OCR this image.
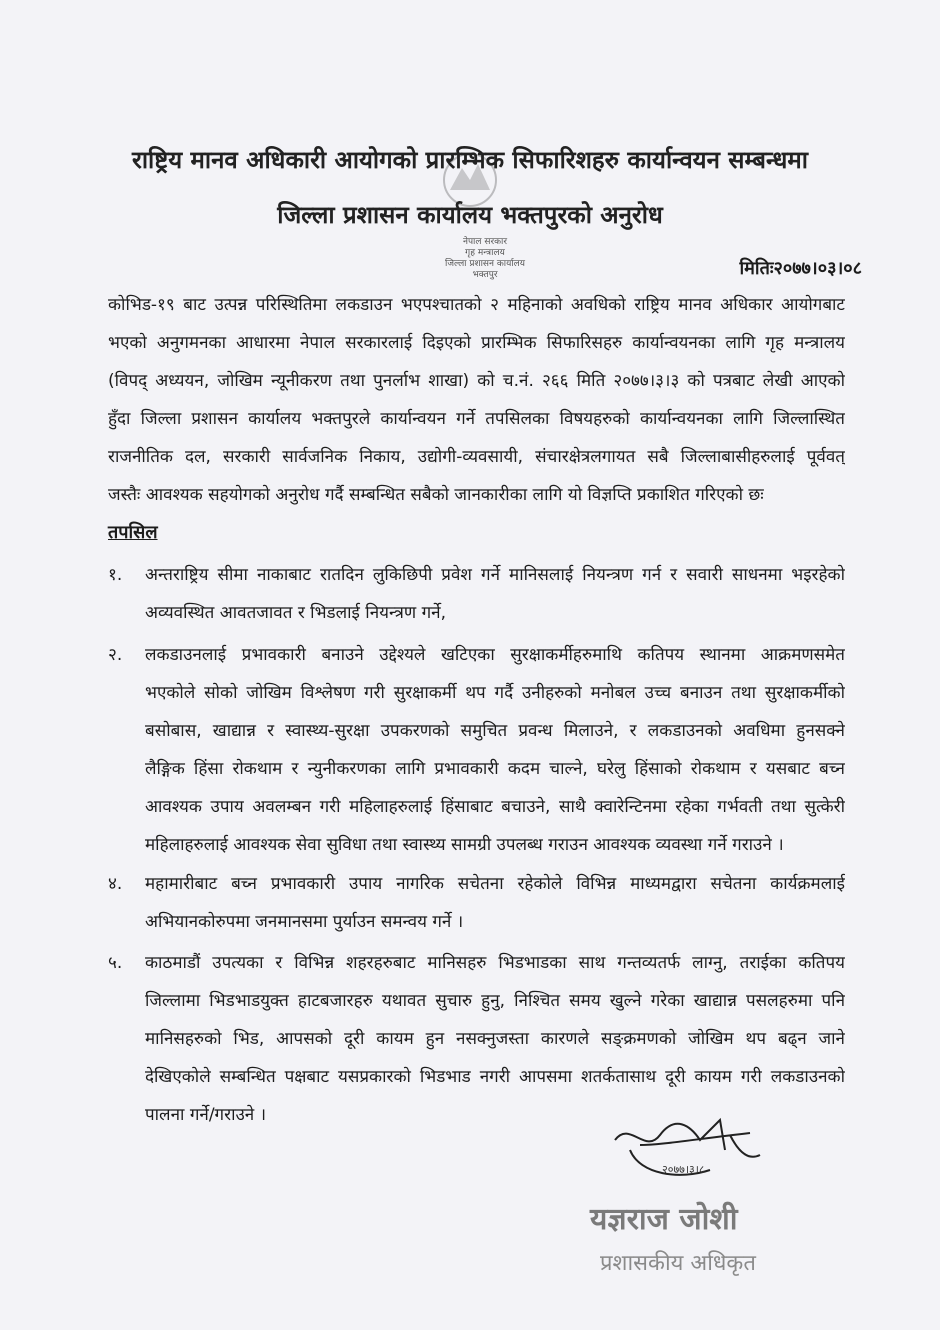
नेपाल सरकार
गृह मन्त्रालय
जिल्ला प्रशासन कार्यालय
भक्तपुर
राष्ट्रिय मानव अधिकारी आयोगको प्रारम्भिक सिफारिशहरु कार्यान्वयन सम्बन्धमा
जिल्ला प्रशासन कार्यालय भक्तपुरको अनुरोध
मितिः२०७७।०३।०८
कोभिड-१९ बाट उत्पन्न परिस्थितिमा लकडाउन भएपश्चातको २ महिनाको अवधिको राष्ट्रिय मानव अधिकार आयोगबाट
भएको अनुगमनका आधारमा नेपाल सरकारलाई दिइएको प्रारम्भिक सिफारिसहरु कार्यान्वयनका लागि गृह मन्त्रालय
(विपद् अध्ययन, जोखिम न्यूनीकरण तथा पुनर्लाभ शाखा) को च.नं. २६६ मिति २०७७।३।३ को पत्रबाट लेखी आएको
हुँदा जिल्ला प्रशासन कार्यालय भक्तपुरले कार्यान्वयन गर्ने तपसिलका विषयहरुको कार्यान्वयनका लागि जिल्लास्थित
राजनीतिक दल, सरकारी सार्वजनिक निकाय, उद्योगी-व्यवसायी, संचारक्षेत्रलगायत सबै जिल्लाबासीहरुलाई पूर्ववत्
जस्तैः आवश्यक सहयोगको अनुरोध गर्दै सम्बन्धित सबैको जानकारीका लागि यो विज्ञप्ति प्रकाशित गरिएको छः
तपसिल
१. अन्तराष्ट्रिय सीमा नाकाबाट रातदिन लुकिछिपी प्रवेश गर्ने मानिसलाई नियन्त्रण गर्न र सवारी साधनमा भइरहेको
अव्यवस्थित आवतजावत र भिडलाई नियन्त्रण गर्ने,
२. लकडाउनलाई प्रभावकारी बनाउने उद्देश्यले खटिएका सुरक्षाकर्मीहरुमाथि कतिपय स्थानमा आक्रमणसमेत
भएकोले सोको जोखिम विश्लेषण गरी सुरक्षाकर्मी थप गर्दै उनीहरुको मनोबल उच्च बनाउन तथा सुरक्षाकर्मीको
बसोबास, खाद्यान्न र स्वास्थ्य-सुरक्षा उपकरणको समुचित प्रवन्ध मिलाउने, र लकडाउनको अवधिमा हुनसक्ने
लैङ्गिक हिंसा रोकथाम र न्युनीकरणका लागि प्रभावकारी कदम चाल्ने, घरेलु हिंसाको रोकथाम र यसबाट बच्न
आवश्यक उपाय अवलम्बन गरी महिलाहरुलाई हिंसाबाट बचाउने, साथै क्वारेन्टिनमा रहेका गर्भवती तथा सुत्केरी
महिलाहरुलाई आवश्यक सेवा सुविधा तथा स्वास्थ्य सामग्री उपलब्ध गराउन आवश्यक व्यवस्था गर्ने गराउने ।
४. महामारीबाट बच्न प्रभावकारी उपाय नागरिक सचेतना रहेकोले विभिन्न माध्यमद्वारा सचेतना कार्यक्रमलाई
अभियानकोरुपमा जनमानसमा पुर्याउन समन्वय गर्ने ।
५. काठमाडौं उपत्यका र विभिन्न शहरहरुबाट मानिसहरु भिडभाडका साथ गन्तव्यतर्फ लाग्नु, तराईका कतिपय
जिल्लामा भिडभाडयुक्त हाटबजारहरु यथावत सुचारु हुनु, निश्चित समय खुल्ने गरेका खाद्यान्न पसलहरुमा पनि
मानिसहरुको भिड, आपसको दूरी कायम हुन नसक्नुजस्ता कारणले सङ्क्रमणको जोखिम थप बढ्न जाने
देखिएकोले सम्बन्धित पक्षबाट यसप्रकारको भिडभाड नगरी आपसमा शतर्कतासाथ दूरी कायम गरी लकडाउनको
पालना गर्ने/गराउने ।
२०७७।३।८
यज्ञराज जोशी
प्रशासकीय अधिकृत
